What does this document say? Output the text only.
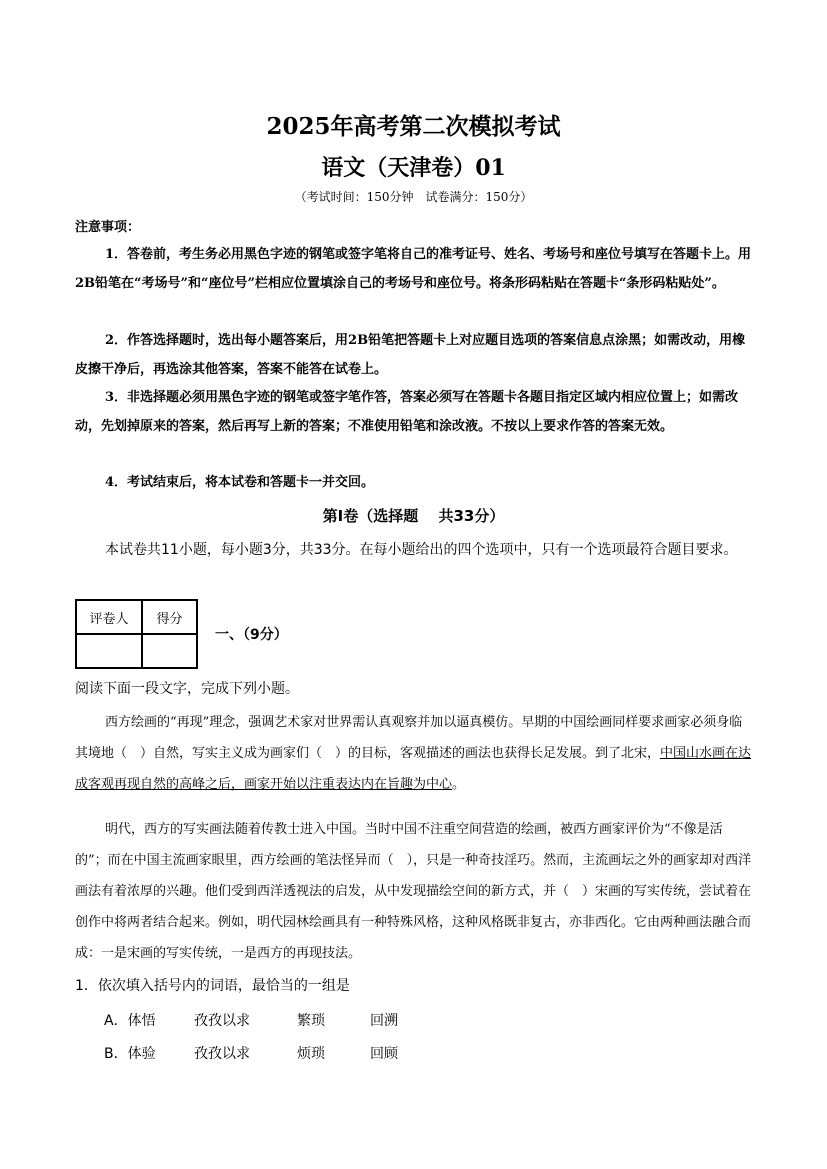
2025年高考第二次模拟考试
语文（天津卷）01
（考试时间：150分钟　试卷满分：150分）
注意事项：
1．答卷前，考生务必用黑色字迹的钢笔或签字笔将自己的准考证号、姓名、考场号和座位号填写在答题卡上。用2B铅笔在“考场号”和“座位号”栏相应位置填涂自己的考场号和座位号。将条形码粘贴在答题卡“条形码粘贴处”。
2．作答选择题时，选出每小题答案后，用2B铅笔把答题卡上对应题目选项的答案信息点涂黑；如需改动，用橡皮擦干净后，再选涂其他答案，答案不能答在试卷上。
3．非选择题必须用黑色字迹的钢笔或签字笔作答，答案必须写在答题卡各题目指定区域内相应位置上；如需改动，先划掉原来的答案，然后再写上新的答案；不准使用铅笔和涂改液。不按以上要求作答的答案无效。
4．考试结束后，将本试卷和答题卡一并交回。
第Ⅰ卷（选择题　 共33分）
本试卷共11小题，每小题3分，共33分。在每小题给出的四个选项中，只有一个选项最符合题目要求。
评卷人	得分

一、（9分）
阅读下面一段文字，完成下列小题。
西方绘画的“再现”理念，强调艺术家对世界需认真观察并加以逼真模仿。早期的中国绘画同样要求画家必须身临其境地（　）自然，写实主义成为画家们（　）的目标，客观描述的画法也获得长足发展。到了北宋，中国山水画在达成客观再现自然的高峰之后，画家开始以注重表达内在旨趣为中心。
明代，西方的写实画法随着传教士进入中国。当时中国不注重空间营造的绘画，被西方画家评价为“不像是活的”；而在中国主流画家眼里，西方绘画的笔法怪异而（　），只是一种奇技淫巧。然而，主流画坛之外的画家却对西洋画法有着浓厚的兴趣。他们受到西洋透视法的启发，从中发现描绘空间的新方式，并（　）宋画的写实传统，尝试着在创作中将两者结合起来。例如，明代园林绘画具有一种特殊风格，这种风格既非复古，亦非西化。它由两种画法融合而成：一是宋画的写实传统，一是西方的再现技法。
1．依次填入括号内的词语，最恰当的一组是
A．体悟	孜孜以求	繁琐	回溯
B．体验	孜孜以求	烦琐	回顾
